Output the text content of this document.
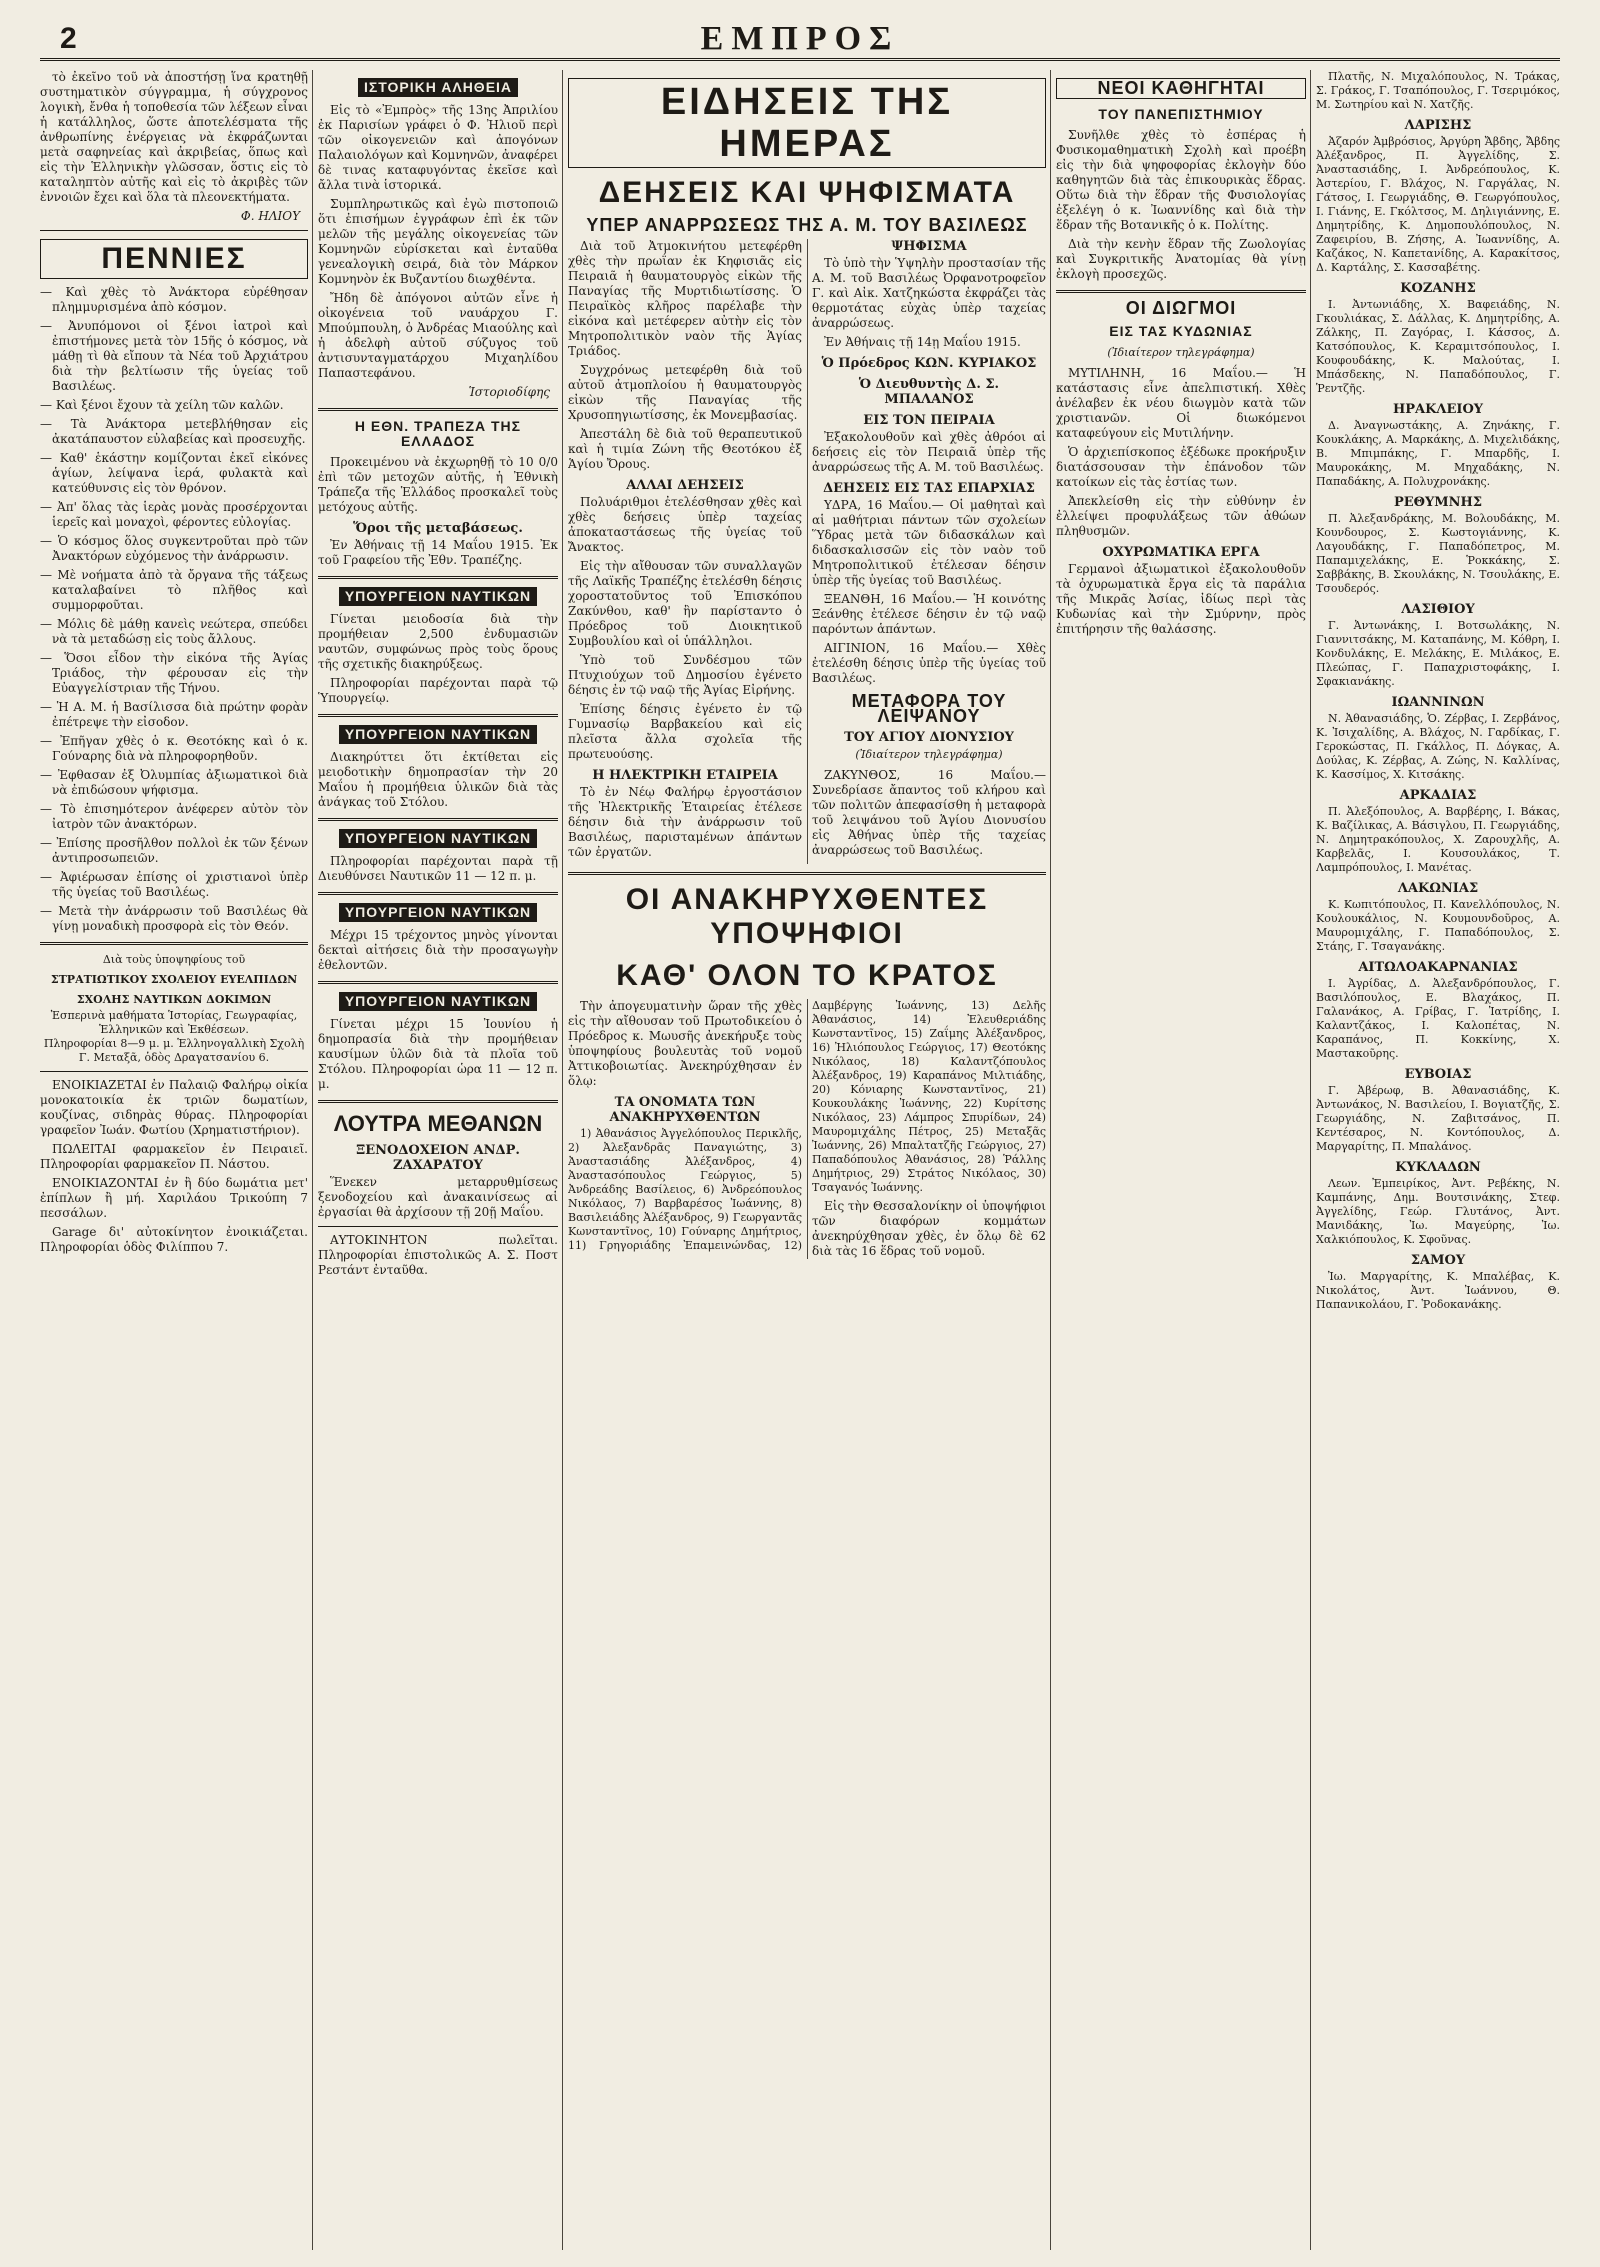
2	ΕΜΠΡΟΣ

τὸ ἐκεῖνο τοῦ νὰ ἀποστήσῃ ἵνα κρατηθῇ συστηματικὸν σύγγραμμα, ἡ σύγχρονος λογικὴ, ἔνθα ἡ τοποθεσία τῶν λέξεων εἶναι ἡ κατάλληλος, ὥστε ἀποτελέσματα τῆς ἀνθρωπίνης ἐνέργειας νὰ ἐκφράζωνται μετὰ σαφηνείας καὶ ἀκριβείας, ὅπως καὶ εἰς τὴν Ἑλληνικὴν γλῶσσαν, ὅστις εἰς τὸ καταληπτὸν αὐτῆς καὶ εἰς τὸ ἀκριβὲς τῶν ἐννοιῶν ἔχει καὶ ὅλα τὰ πλεονεκτήματα.

Φ. ΗΛΙΟΥ
ΠΕΝΝΙΕΣ

— Καὶ χθὲς τὸ Ἀνάκτορα εὐρέθησαν πλημμυρισμένα ἀπὸ κόσμον.

— Ἀνυπόμονοι οἱ ξένοι ἰατροὶ καὶ ἐπιστήμονες μετὰ τὸν 15ῆς ὁ κόσμος, νὰ μάθῃ τὶ θὰ εἴπουν τὰ Νέα τοῦ Ἀρχιάτρου διὰ τὴν βελτίωσιν τῆς ὑγείας τοῦ Βασιλέως.

— Καὶ ξένοι ἔχουν τὰ χείλη τῶν καλῶν.

— Τὰ Ἀνάκτορα μετεβλήθησαν εἰς ἀκατάπαυστον εὐλαβείας καὶ προσευχῆς.

— Καθ' ἑκάστην κομίζονται ἐκεῖ εἰκόνες ἁγίων, λείψανα ἱερά, φυλακτὰ καὶ κατεύθυνσις εἰς τὸν θρόνον.

— Ἀπ' ὅλας τὰς ἱερὰς μονὰς προσέρχονται ἱερεῖς καὶ μοναχοὶ, φέροντες εὐλογίας.

— Ὁ κόσμος ὅλος συγκεντροῦται πρὸ τῶν Ἀνακτόρων εὐχόμενος τὴν ἀνάρρωσιν.

— Μὲ νοήματα ἀπὸ τὰ ὄργανα τῆς τάξεως καταλαβαίνει τὸ πλῆθος καὶ συμμορφοῦται.

— Μόλις δὲ μάθῃ κανεὶς νεώτερα, σπεύδει νὰ τὰ μεταδώσῃ εἰς τοὺς ἄλλους.

— Ὅσοι εἶδον τὴν εἰκόνα τῆς Ἁγίας Τριάδος, τὴν φέρουσαν εἰς τὴν Εὐαγγελίστριαν τῆς Τήνου.

— Ἡ Α. Μ. ἡ Βασίλισσα διὰ πρώτην φορὰν ἐπέτρεψε τὴν εἰσοδον.

— Ἐπῆγαν χθὲς ὁ κ. Θεοτόκης καὶ ὁ κ. Γούναρης διὰ νὰ πληροφορηθοῦν.

— Ἐφθασαν ἐξ Ὀλυμπίας ἀξιωματικοὶ διὰ νὰ ἐπιδώσουν ψήφισμα.

— Τὸ ἐπισημότερον ἀνέφερεν αὐτὸν τὸν ἰατρὸν τῶν ἀνακτόρων.

— Ἐπίσης προσῆλθον πολλοὶ ἐκ τῶν ξένων ἀντιπροσωπειῶν.

— Ἀφιέρωσαν ἐπίσης οἱ χριστιανοὶ ὑπὲρ τῆς ὑγείας τοῦ Βασιλέως.

— Μετὰ τὴν ἀνάρρωσιν τοῦ Βασιλέως θὰ γίνῃ μοναδικὴ προσφορὰ εἰς τὸν Θεόν.

Διὰ τοὺς ὑποψηφίους τοῦ
ΣΤΡΑΤΙΩΤΙΚΟΥ ΣΧΟΛΕΙΟΥ ΕΥΕΛΠΙΔΩΝ
ΣΧΟΛΗΣ ΝΑΥΤΙΚΩΝ ΔΟΚΙΜΩΝ
Ἑσπερινὰ μαθήματα Ἱστορίας, Γεωγραφίας, Ἑλληνικῶν καὶ Ἐκθέσεων.
Πληροφορίαι 8—9 μ. μ. Ἑλληνογαλλικὴ Σχολὴ Γ. Μεταξᾶ, ὁδὸς Δραγατσανίου 6.

ΕΝΟΙΚΙΑΖΕΤΑΙ ἐν Παλαιῷ Φαλήρῳ οἰκία μονοκατοικία ἐκ τριῶν δωματίων, κουζίνας, σιδηρὰς θύρας. Πληροφορίαι γραφεῖον Ἰωάν. Φωτίου (Χρηματιστήριον).

ΠΩΛΕΙΤΑΙ φαρμακεῖον ἐν Πειραιεῖ. Πληροφορίαι φαρμακεῖον Π. Νάστου.

ΕΝΟΙΚΙΑΖΟΝΤΑΙ ἐν ἢ δύο δωμάτια μετ' ἐπίπλων ἢ μή. Χαριλάου Τρικούπη 7 πεσσάλων.

Garage δι' αὐτοκίνητον ἐνοικιάζεται. Πληροφορίαι ὁδὸς Φιλίππου 7.

ΙΣΤΟΡΙΚΗ ΑΛΗΘΕΙΑ

Εἰς τὸ «Ἐμπρὸς» τῆς 13ης Ἀπριλίου ἐκ Παρισίων γράφει ὁ Φ. Ἠλιοῦ περὶ τῶν οἰκογενειῶν καὶ ἀπογόνων Παλαιολόγων καὶ Κομνηνῶν, ἀναφέρει δὲ τινας καταφυγόντας ἐκεῖσε καὶ ἄλλα τινὰ ἱστορικά.

Συμπληρωτικῶς καὶ ἐγὼ πιστοποιῶ ὅτι ἐπισήμων ἐγγράφων ἐπὶ ἐκ τῶν μελῶν τῆς μεγάλης οἰκογενείας τῶν Κομνηνῶν εὑρίσκεται καὶ ἐνταῦθα γενεαλογικὴ σειρά, διὰ τὸν Μάρκον Κομνηνὸν ἐκ Βυζαντίου διωχθέντα.

Ἤδη δὲ ἀπόγονοι αὐτῶν εἶνε ἡ οἰκογένεια τοῦ ναυάρχου Γ. Μπούμπουλη, ὁ Ἀνδρέας Μιαούλης καὶ ἡ ἀδελφὴ αὐτοῦ σύζυγος τοῦ ἀντισυνταγματάρχου Μιχαηλίδου Παπαστεφάνου.

Ἱστοριοδίφης
Η ΕΘΝ. ΤΡΑΠΕΖΑ ΤΗΣ ΕΛΛΑΔΟΣ

Προκειμένου νὰ ἐκχωρηθῇ τὸ 10 0/0 ἐπὶ τῶν μετοχῶν αὐτῆς, ἡ Ἐθνικὴ Τράπεζα τῆς Ἑλλάδος προσκαλεῖ τοὺς μετόχους αὐτῆς.

Ὅροι τῆς μεταβάσεως.

Ἐν Ἀθήναις τῇ 14 Μαΐου 1915. Ἐκ τοῦ Γραφείου τῆς Ἐθν. Τραπέζης.

ΥΠΟΥΡΓΕΙΟΝ ΝΑΥΤΙΚΩΝ

Γίνεται μειοδοσία διὰ τὴν προμήθειαν 2,500 ἐνδυμασιῶν ναυτῶν, συμφώνως πρὸς τοὺς ὅρους τῆς σχετικῆς διακηρύξεως.

Πληροφορίαι παρέχονται παρὰ τῷ Ὑπουργείῳ.

ΥΠΟΥΡΓΕΙΟΝ ΝΑΥΤΙΚΩΝ

Διακηρύττει ὅτι ἐκτίθεται εἰς μειοδοτικὴν δημοπρασίαν τὴν 20 Μαΐου ἡ προμήθεια ὑλικῶν διὰ τὰς ἀνάγκας τοῦ Στόλου.

ΥΠΟΥΡΓΕΙΟΝ ΝΑΥΤΙΚΩΝ

Πληροφορίαι παρέχονται παρὰ τῇ Διευθύνσει Ναυτικῶν 11 — 12 π. μ.

ΥΠΟΥΡΓΕΙΟΝ ΝΑΥΤΙΚΩΝ

Μέχρι 15 τρέχοντος μηνὸς γίνονται δεκταὶ αἰτήσεις διὰ τὴν προσαγωγὴν ἐθελοντῶν.

ΥΠΟΥΡΓΕΙΟΝ ΝΑΥΤΙΚΩΝ

Γίνεται μέχρι 15 Ἰουνίου ἡ δημοπρασία διὰ τὴν προμήθειαν καυσίμων ὑλῶν διὰ τὰ πλοῖα τοῦ Στόλου. Πληροφορίαι ὡρα 11 — 12 π. μ.

ΛΟΥΤΡΑ ΜΕΘΑΝΩΝ
ΞΕΝΟΔΟΧΕΙΟΝ ΑΝΔΡ. ΖΑΧΑΡΑΤΟΥ

Ἕνεκεν μεταρρυθμίσεως ξενοδοχείου καὶ ἀνακαινίσεως αἱ ἐργασίαι θὰ ἀρχίσουν τῇ 20ῇ Μαΐου.

ΑΥΤΟΚΙΝΗΤΟΝ πωλεῖται. Πληροφορίαι ἐπιστολικῶς Α. Σ. Ποστ Ρεστάντ ἐνταῦθα.

ΕΙΔΗΣΕΙΣ ΤΗΣ ΗΜΕΡΑΣ
ΔΕΗΣΕΙΣ ΚΑΙ ΨΗΦΙΣΜΑΤΑ
ΥΠΕΡ ΑΝΑΡΡΩΣΕΩΣ ΤΗΣ Α. Μ. ΤΟΥ ΒΑΣΙΛΕΩΣ

Διὰ τοῦ Ἀτμοκινήτου μετεφέρθη χθὲς τὴν πρωΐαν ἐκ Κηφισιᾶς εἰς Πειραιᾶ ἡ θαυματουργὸς εἰκὼν τῆς Παναγίας τῆς Μυρτιδιωτίσσης. Ὁ Πειραϊκὸς κλῆρος παρέλαβε τὴν εἰκόνα καὶ μετέφερεν αὐτὴν εἰς τὸν Μητροπολιτικὸν ναὸν τῆς Ἁγίας Τριάδος.

Συγχρόνως μετεφέρθη διὰ τοῦ αὐτοῦ ἀτμοπλοίου ἡ θαυματουργὸς εἰκὼν τῆς Παναγίας τῆς Χρυσοπηγιωτίσσης, ἐκ Μονεμβασίας.

Ἀπεστάλη δὲ διὰ τοῦ θεραπευτικοῦ καὶ ἡ τιμία Ζώνη τῆς Θεοτόκου ἐξ Ἁγίου Ὄρους.

ΑΛΛΑΙ ΔΕΗΣΕΙΣ

Πολυάριθμοι ἐτελέσθησαν χθὲς καὶ χθὲς δεήσεις ὑπὲρ ταχείας ἀποκαταστάσεως τῆς ὑγείας τοῦ Ἄνακτος.

Εἰς τὴν αἴθουσαν τῶν συναλλαγῶν τῆς Λαϊκῆς Τραπέζης ἐτελέσθη δέησις χοροστατοῦντος τοῦ Ἐπισκόπου Ζακύνθου, καθ' ἣν παρίσταντο ὁ Πρόεδρος τοῦ Διοικητικοῦ Συμβουλίου καὶ οἱ ὑπάλληλοι.

Ὑπὸ τοῦ Συνδέσμου τῶν Πτυχιούχων τοῦ Δημοσίου ἐγένετο δέησις ἐν τῷ ναῷ τῆς Ἁγίας Εἰρήνης.

Ἐπίσης δέησις ἐγένετο ἐν τῷ Γυμνασίῳ Βαρβακείου καὶ εἰς πλεῖστα ἄλλα σχολεῖα τῆς πρωτευούσης.

Η ΗΛΕΚΤΡΙΚΗ ΕΤΑΙΡΕΙΑ

Τὸ ἐν Νέῳ Φαλήρῳ ἐργοστάσιον τῆς Ἠλεκτρικῆς Ἑταιρείας ἐτέλεσε δέησιν διὰ τὴν ἀνάρρωσιν τοῦ Βασιλέως, παρισταμένων ἁπάντων τῶν ἐργατῶν.

ΨΗΦΙΣΜΑ

Τὸ ὑπὸ τὴν Ὑψηλὴν προστασίαν τῆς Α. Μ. τοῦ Βασιλέως Ὀρφανοτροφεῖον Γ. καὶ Αἰκ. Χατζηκώστα ἐκφράζει τὰς θερμοτάτας εὐχὰς ὑπὲρ ταχείας ἀναρρώσεως.

Ἐν Ἀθήναις τῇ 14ῃ Μαΐου 1915.

Ὁ Πρόεδρος ΚΩΝ. ΚΥΡΙΑΚΟΣ
Ὁ Διευθυντὴς Δ. Σ. ΜΠΑΛΑΝΟΣ
ΕΙΣ ΤΟΝ ΠΕΙΡΑΙΑ

Ἐξακολουθοῦν καὶ χθὲς ἀθρόοι αἱ δεήσεις εἰς τὸν Πειραιᾶ ὑπὲρ τῆς ἀναρρώσεως τῆς Α. Μ. τοῦ Βασιλέως.

ΔΕΗΣΕΙΣ ΕΙΣ ΤΑΣ ΕΠΑΡΧΙΑΣ

ΥΔΡΑ, 16 Μαΐου.— Οἱ μαθηταὶ καὶ αἱ μαθήτριαι πάντων τῶν σχολείων Ὕδρας μετὰ τῶν διδασκάλων καὶ διδασκαλισσῶν εἰς τὸν ναὸν τοῦ Μητροπολιτικοῦ ἐτέλεσαν δέησιν ὑπὲρ τῆς ὑγείας τοῦ Βασιλέως.

ΞΕΑΝΘΗ, 16 Μαΐου.— Ἡ κοινότης Ξεάνθης ἐτέλεσε δέησιν ἐν τῷ ναῷ παρόντων ἁπάντων.

ΑΙΓΙΝΙΟΝ, 16 Μαΐου.— Χθὲς ἐτελέσθη δέησις ὑπὲρ τῆς ὑγείας τοῦ Βασιλέως.

ΜΕΤΑΦΟΡΑ ΤΟΥ ΛΕΙΨΑΝΟΥ
ΤΟΥ ΑΓΙΟΥ ΔΙΟΝΥΣΙΟΥ
(Ἰδιαίτερον τηλεγράφημα)

ΖΑΚΥΝΘΟΣ, 16 Μαΐου.— Συνεδρίασε ἄπαντος τοῦ κλήρου καὶ τῶν πολιτῶν ἀπεφασίσθη ἡ μεταφορὰ τοῦ λειψάνου τοῦ Ἁγίου Διονυσίου εἰς Ἀθήνας ὑπὲρ τῆς ταχείας ἀναρρώσεως τοῦ Βασιλέως.

ΟΙ ΑΝΑΚΗΡΥΧΘΕΝΤΕΣ ΥΠΟΨΗΦΙΟΙ
ΚΑΘ' ΟΛΟΝ ΤΟ ΚΡΑΤΟΣ

Τὴν ἀπογευματινὴν ὥραν τῆς χθὲς εἰς τὴν αἴθουσαν τοῦ Πρωτοδικείου ὁ Πρόεδρος κ. Μωυσῆς ἀνεκήρυξε τοὺς ὑποψηφίους βουλευτὰς τοῦ νομοῦ Ἀττικοβοιωτίας. Ἀνεκηρύχθησαν ἐν ὅλῳ:

ΤΑ ΟΝΟΜΑΤΑ ΤΩΝ ΑΝΑΚΗΡΥΧΘΕΝΤΩΝ

1) Ἀθανάσιος Ἀγγελόπουλος Περικλῆς, 2) Ἀλεξανδρᾶς Παναγιώτης, 3) Ἀναστασιάδης Ἀλέξανδρος, 4) Ἀναστασόπουλος Γεώργιος, 5) Ἀνδρεάδης Βασίλειος, 6) Ἀνδρεόπουλος Νικόλαος, 7) Βαρβαρέσος Ἰωάννης, 8) Βασιλειάδης Ἀλέξανδρος, 9) Γεωργαντᾶς Κωνσταντῖνος, 10) Γούναρης Δημήτριος, 11) Γρηγοριάδης Ἐπαμεινώνδας, 12) Δαμβέργης Ἰωάννης, 13) Δελῆς Ἀθανάσιος, 14) Ἐλευθεριάδης Κωνσταντῖνος, 15) Ζαΐμης Ἀλέξανδρος, 16) Ἠλιόπουλος Γεώργιος, 17) Θεοτόκης Νικόλαος, 18) Καλαντζόπουλος Ἀλέξανδρος, 19) Καραπάνος Μιλτιάδης, 20) Κόνιαρης Κωνσταντῖνος, 21) Κουκουλάκης Ἰωάννης, 22) Κυρίτσης Νικόλαος, 23) Λάμπρος Σπυρίδων, 24) Μαυρομιχάλης Πέτρος, 25) Μεταξᾶς Ἰωάννης, 26) Μπαλτατζῆς Γεώργιος, 27) Παπαδόπουλος Ἀθανάσιος, 28) Ῥάλλης Δημήτριος, 29) Στράτος Νικόλαος, 30) Τσαγανός Ἰωάννης.

Εἰς τὴν Θεσσαλονίκην οἱ ὑποψήφιοι τῶν διαφόρων κομμάτων ἀνεκηρύχθησαν χθὲς, ἐν ὅλῳ δὲ 62 διὰ τὰς 16 ἕδρας τοῦ νομοῦ.

ΝΕΟΙ ΚΑΘΗΓΗΤΑΙ
ΤΟΥ ΠΑΝΕΠΙΣΤΗΜΙΟΥ

Συνῆλθε χθὲς τὸ ἐσπέρας ἡ Φυσικομαθηματικὴ Σχολὴ καὶ προέβη εἰς τὴν διὰ ψηφοφορίας ἐκλογὴν δύο καθηγητῶν διὰ τὰς ἐπικουρικὰς ἕδρας. Οὕτω διὰ τὴν ἕδραν τῆς Φυσιολογίας ἐξελέγη ὁ κ. Ἰωαννίδης καὶ διὰ τὴν ἕδραν τῆς Βοτανικῆς ὁ κ. Πολίτης.

Διὰ τὴν κενὴν ἕδραν τῆς Ζωολογίας καὶ Συγκριτικῆς Ἀνατομίας θὰ γίνῃ ἐκλογὴ προσεχῶς.

ΟΙ ΔΙΩΓΜΟΙ
ΕΙΣ ΤΑΣ ΚΥΔΩΝΙΑΣ
(Ἰδιαίτερον τηλεγράφημα)

ΜΥΤΙΛΗΝΗ, 16 Μαΐου.— Ἡ κατάστασις εἶνε ἀπελπιστική. Χθὲς ἀνέλαβεν ἐκ νέου διωγμὸν κατὰ τῶν χριστιανῶν. Οἱ διωκόμενοι καταφεύγουν εἰς Μυτιλήνην.

Ὁ ἀρχιεπίσκοπος ἐξέδωκε προκήρυξιν διατάσσουσαν τὴν ἐπάνοδον τῶν κατοίκων εἰς τὰς ἑστίας των.

Ἀπεκλείσθη εἰς τὴν εὐθύνην ἐν ἐλλείψει προφυλάξεως τῶν ἀθώων πληθυσμῶν.

ΟΧΥΡΩΜΑΤΙΚΑ ΕΡΓΑ

Γερμανοὶ ἀξιωματικοὶ ἐξακολουθοῦν τὰ ὀχυρωματικὰ ἔργα εἰς τὰ παράλια τῆς Μικρᾶς Ἀσίας, ἰδίως περὶ τὰς Κυδωνίας καὶ τὴν Σμύρνην, πρὸς ἐπιτήρησιν τῆς θαλάσσης.

Πλατῆς, Ν. Μιχαλόπουλος, Ν. Τράκας, Σ. Γράκος, Γ. Τσαπόπουλος, Γ. Τσεριμόκος, Μ. Σωτηρίου καὶ Ν. Χατζῆς.

ΛΑΡΙΣΗΣ

Ἀζαρόν Ἀμβρόσιος, Ἀργύρη Ἄβδης, Ἄβδης Ἀλέξανδρος, Π. Ἀγγελίδης, Σ. Ἀναστασιάδης, Ι. Ἀνδρεόπουλος, Κ. Ἀστερίου, Γ. Βλάχος, Ν. Γαργάλας, Ν. Γάτσος, Ι. Γεωργιάδης, Θ. Γεωργόπουλος, Ι. Γιάνης, Ε. Γκόλτσος, Μ. Δηλιγιάννης, Ε. Δημητρίδης, Κ. Δημοπουλόπουλος, Ν. Ζαφειρίου, Β. Ζήσης, Α. Ἰωαννίδης, Α. Καζάκος, Ν. Καπετανίδης, Α. Καρακίτσος, Δ. Καρτάλης, Σ. Κασσαβέτης.

ΚΟΖΑΝΗΣ

Ι. Ἀντωνιάδης, Χ. Βαφειάδης, Ν. Γκουλιάκας, Σ. Δάλλας, Κ. Δημητρίδης, Α. Ζάλκης, Π. Ζαγόρας, Ι. Κάσσος, Δ. Κατσόπουλος, Κ. Κεραμιτσόπουλος, Ι. Κουφουδάκης, Κ. Μαλούτας, Ι. Μπάσδεκης, Ν. Παπαδόπουλος, Γ. Ῥεντζῆς.

ΗΡΑΚΛΕΙΟΥ

Δ. Ἀναγνωστάκης, Α. Ζηνάκης, Γ. Κουκλάκης, Α. Μαρκάκης, Δ. Μιχελιδάκης, Β. Μπιμπάκης, Γ. Μπαρδῆς, Ι. Μαυροκάκης, Μ. Μηχαδάκης, Ν. Παπαδάκης, Α. Πολυχρονάκης.

ΡΕΘΥΜΝΗΣ

Π. Ἀλεξανδράκης, Μ. Βολουδάκης, Μ. Κουνδουρος, Σ. Κωστογιάννης, Κ. Λαγουδάκης, Γ. Παπαδόπετρος, Μ. Παπαμιχελάκης, Ε. Ῥοκκάκης, Σ. Σαββάκης, Β. Σκουλάκης, Ν. Τσουλάκης, Ε. Τσουδερός.

ΛΑΣΙΘΙΟΥ

Γ. Ἀντωνάκης, Ι. Βοτσωλάκης, Ν. Γιαννιτσάκης, Μ. Καταπάνης, Μ. Κόθρη, Ι. Κονδυλάκης, Ε. Μελάκης, Ε. Μιλάκος, Ε. Πλεώπας, Γ. Παπαχριστοφάκης, Ι. Σφακιανάκης.

ΙΩΑΝΝΙΝΩΝ

Ν. Ἀθανασιάδης, Ὁ. Ζέρβας, Ι. Ζερβάνος, Κ. Ἰσιχαλίδης, Α. Βλάχος, Ν. Γαρδίκας, Γ. Γεροκώστας, Π. Γκάλλος, Π. Δόγκας, Α. Δούλας, Κ. Ζέρβας, Α. Ζώης, Ν. Καλλίνας, Κ. Κασσίμος, Χ. Κιτσάκης.

ΑΡΚΑΔΙΑΣ

Π. Ἀλεξόπουλος, Α. Βαρβέρης, Ι. Βάκας, Κ. Βαζίλικας, Α. Βάσιγλου, Π. Γεωργιάδης, Ν. Δημητρακόπουλος, Χ. Ζαρουχλῆς, Α. Καρβελᾶς, Ι. Κουσουλάκος, Τ. Λαμπρόπουλος, Ι. Μανέτας.

ΛΑΚΩΝΙΑΣ

Κ. Κωπιτόπουλος, Π. Κανελλόπουλος, Ν. Κουλουκάλιος, Ν. Κουμουνδοῦρος, Α. Μαυρομιχάλης, Γ. Παπαδόπουλος, Σ. Στάης, Γ. Τσαγανάκης.

ΑΙΤΩΛΟΑΚΑΡΝΑΝΙΑΣ

Ι. Ἀγρίδας, Δ. Ἀλεξανδρόπουλος, Γ. Βασιλόπουλος, Ε. Βλαχάκος, Π. Γαλανάκος, Α. Γρίβας, Γ. Ἰατρίδης, Ι. Καλαντζάκος, Ι. Καλοπέτας, Ν. Καραπάνος, Π. Κοκκίνης, Χ. Μαστακοῦρης.

ΕΥΒΟΙΑΣ

Γ. Ἀβέρωφ, Β. Ἀθανασιάδης, Κ. Ἀντωνάκος, Ν. Βασιλείου, Ι. Βογιατζῆς, Σ. Γεωργιάδης, Ν. Ζαβιτσάνος, Π. Κεντέσαρος, Ν. Κοντόπουλος, Δ. Μαργαρίτης, Π. Μπαλάνος.

ΚΥΚΛΑΔΩΝ

Λεων. Ἐμπειρίκος, Ἀντ. Ρεβέκης, Ν. Καμπάνης, Δημ. Βουτσινάκης, Στεφ. Ἀγγελίδης, Γεώρ. Γλυτάνος, Ἀντ. Μανιδάκης, Ἰω. Μαγεύρης, Ἰω. Χαλκιόπουλος, Κ. Σφοῦνας.

ΣΑΜΟΥ

Ἰω. Μαργαρίτης, Κ. Μπαλέβας, Κ. Νικολάτος, Ἀντ. Ἰωάννου, Θ. Παπανικολάου, Γ. Ῥοδοκανάκης.
